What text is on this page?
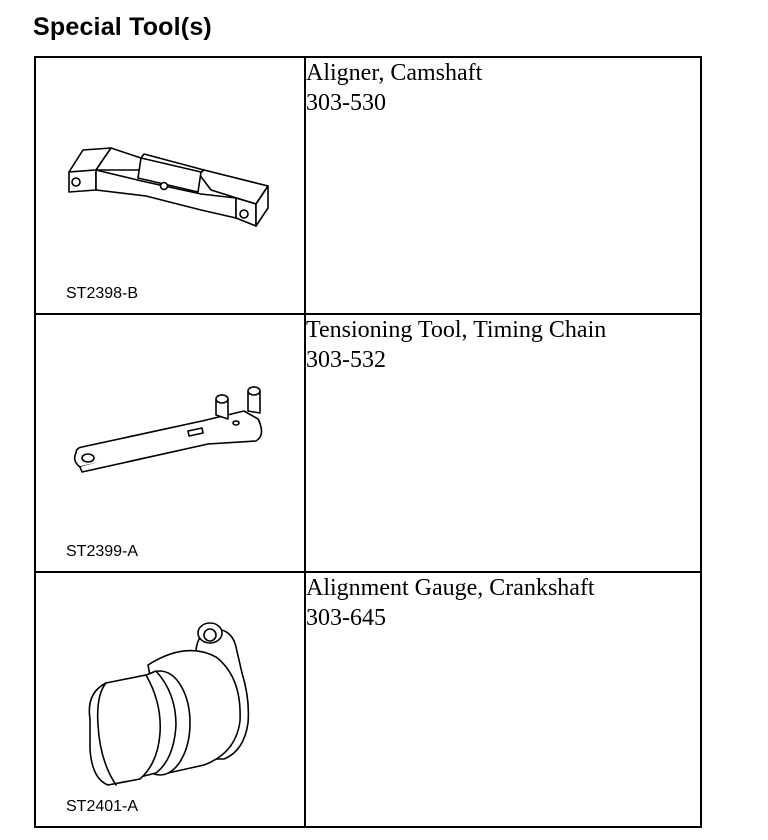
Special Tool(s)
ST2398-B	Aligner, Camshaft
303-530

ST2399-A	Tensioning Tool, Timing Chain
303-532

ST2401-A	Alignment Gauge, Crankshaft
303-645
